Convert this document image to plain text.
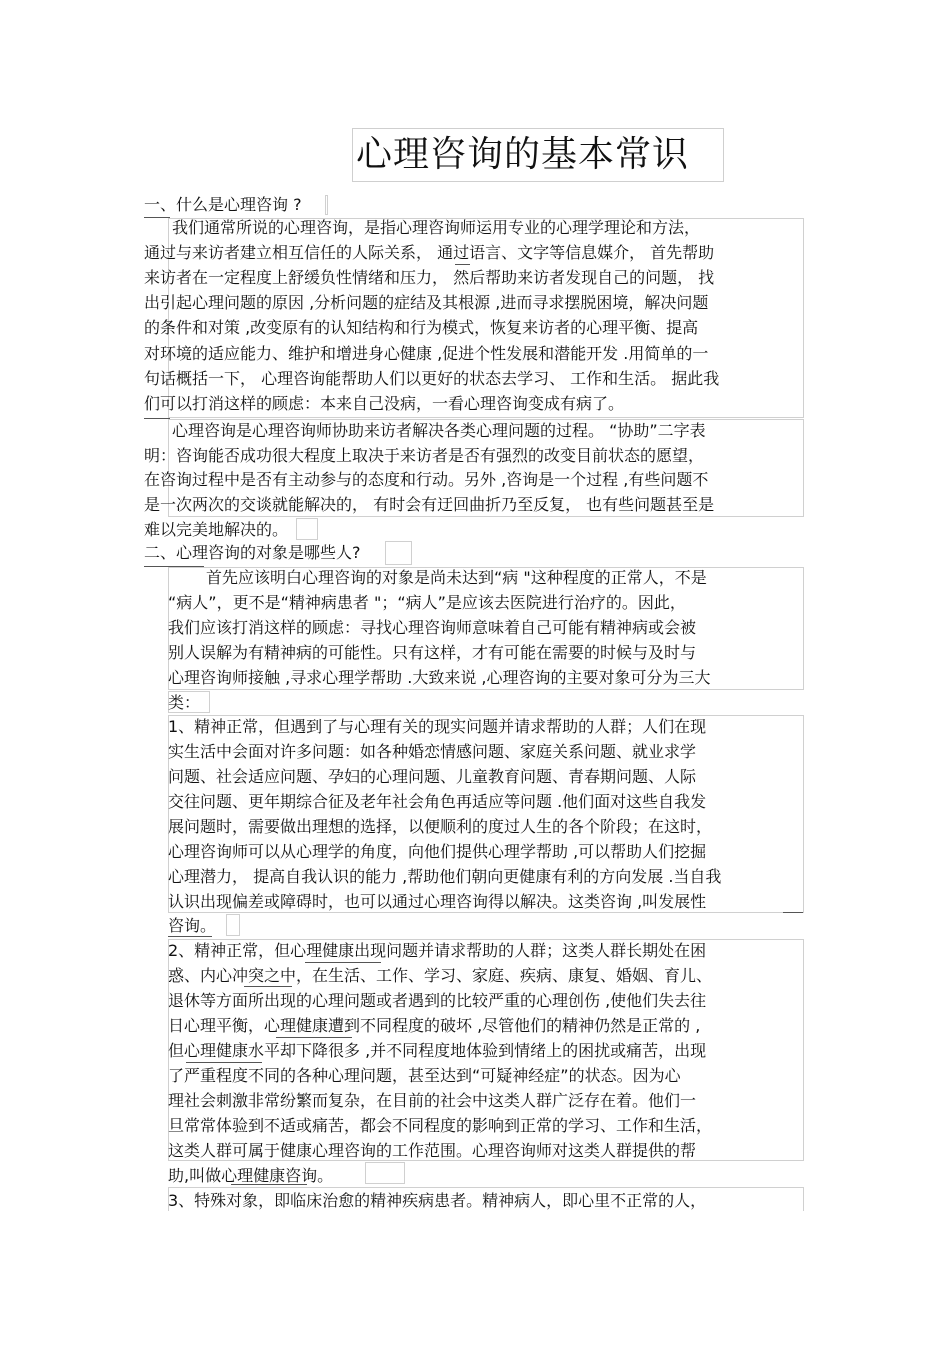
心理咨询的基本常识
一、什么是心理咨询 ?
我们通常所说的心理咨询，是指心理咨询师运用专业的心理学理论和方法，
通过与来访者建立相互信任的人际关系， 通过语言、文字等信息媒介， 首先帮助
来访者在一定程度上舒缓负性情绪和压力， 然后帮助来访者发现自己的问题， 找
出引起心理问题的原因 ,分析问题的症结及其根源 ,进而寻求摆脱困境，解决问题
的条件和对策 ,改变原有的认知结构和行为模式，恢复来访者的心理平衡、提高
对环境的适应能力、维护和增进身心健康 ,促进个性发展和潜能开发 .用简单的一
句话概括一下， 心理咨询能帮助人们以更好的状态去学习、 工作和生活。 据此我
们可以打消这样的顾虑：本来自己没病，一看心理咨询变成有病了。
心理咨询是心理咨询师协助来访者解决各类心理问题的过程。 “协助”二字表
明：咨询能否成功很大程度上取决于来访者是否有强烈的改变目前状态的愿望，
在咨询过程中是否有主动参与的态度和行动。另外 ,咨询是一个过程 ,有些问题不
是一次两次的交谈就能解决的， 有时会有迂回曲折乃至反复， 也有些问题甚至是
难以完美地解决的。
二、心理咨询的对象是哪些人?
首先应该明白心理咨询的对象是尚未达到“病 "这种程度的正常人，不是
“病人”，更不是“精神病患者 "；“病人”是应该去医院进行治疗的。因此，
我们应该打消这样的顾虑：寻找心理咨询师意味着自己可能有精神病或会被
别人误解为有精神病的可能性。只有这样，才有可能在需要的时候与及时与
心理咨询师接触 ,寻求心理学帮助 .大致来说 ,心理咨询的主要对象可分为三大
类：
1、精神正常，但遇到了与心理有关的现实问题并请求帮助的人群；人们在现
实生活中会面对许多问题：如各种婚恋情感问题、家庭关系问题、就业求学
问题、社会适应问题、孕妇的心理问题、儿童教育问题、青春期问题、人际
交往问题、更年期综合征及老年社会角色再适应等问题 .他们面对这些自我发
展问题时，需要做出理想的选择，以便顺利的度过人生的各个阶段；在这时，
心理咨询师可以从心理学的角度，向他们提供心理学帮助 ,可以帮助人们挖掘
心理潜力， 提高自我认识的能力 ,帮助他们朝向更健康有利的方向发展 .当自我
认识出现偏差或障碍时，也可以通过心理咨询得以解决。这类咨询 ,叫发展性
咨询。
2、精神正常，但心理健康出现问题并请求帮助的人群；这类人群长期处在困
惑、内心冲突之中，在生活、工作、学习、家庭、疾病、康复、婚姻、育儿、
退休等方面所出现的心理问题或者遇到的比较严重的心理创伤 ,使他们失去往
日心理平衡，心理健康遭到不同程度的破坏 ,尽管他们的精神仍然是正常的 ,
但心理健康水平却下降很多 ,并不同程度地体验到情绪上的困扰或痛苦，出现
了严重程度不同的各种心理问题，甚至达到“可疑神经症”的状态。因为心
理社会刺激非常纷繁而复杂，在目前的社会中这类人群广泛存在着。他们一
旦常常体验到不适或痛苦，都会不同程度的影响到正常的学习、工作和生活，
这类人群可属于健康心理咨询的工作范围。心理咨询师对这类人群提供的帮
助,叫做心理健康咨询。
3、特殊对象，即临床治愈的精神疾病患者。精神病人，即心里不正常的人，
